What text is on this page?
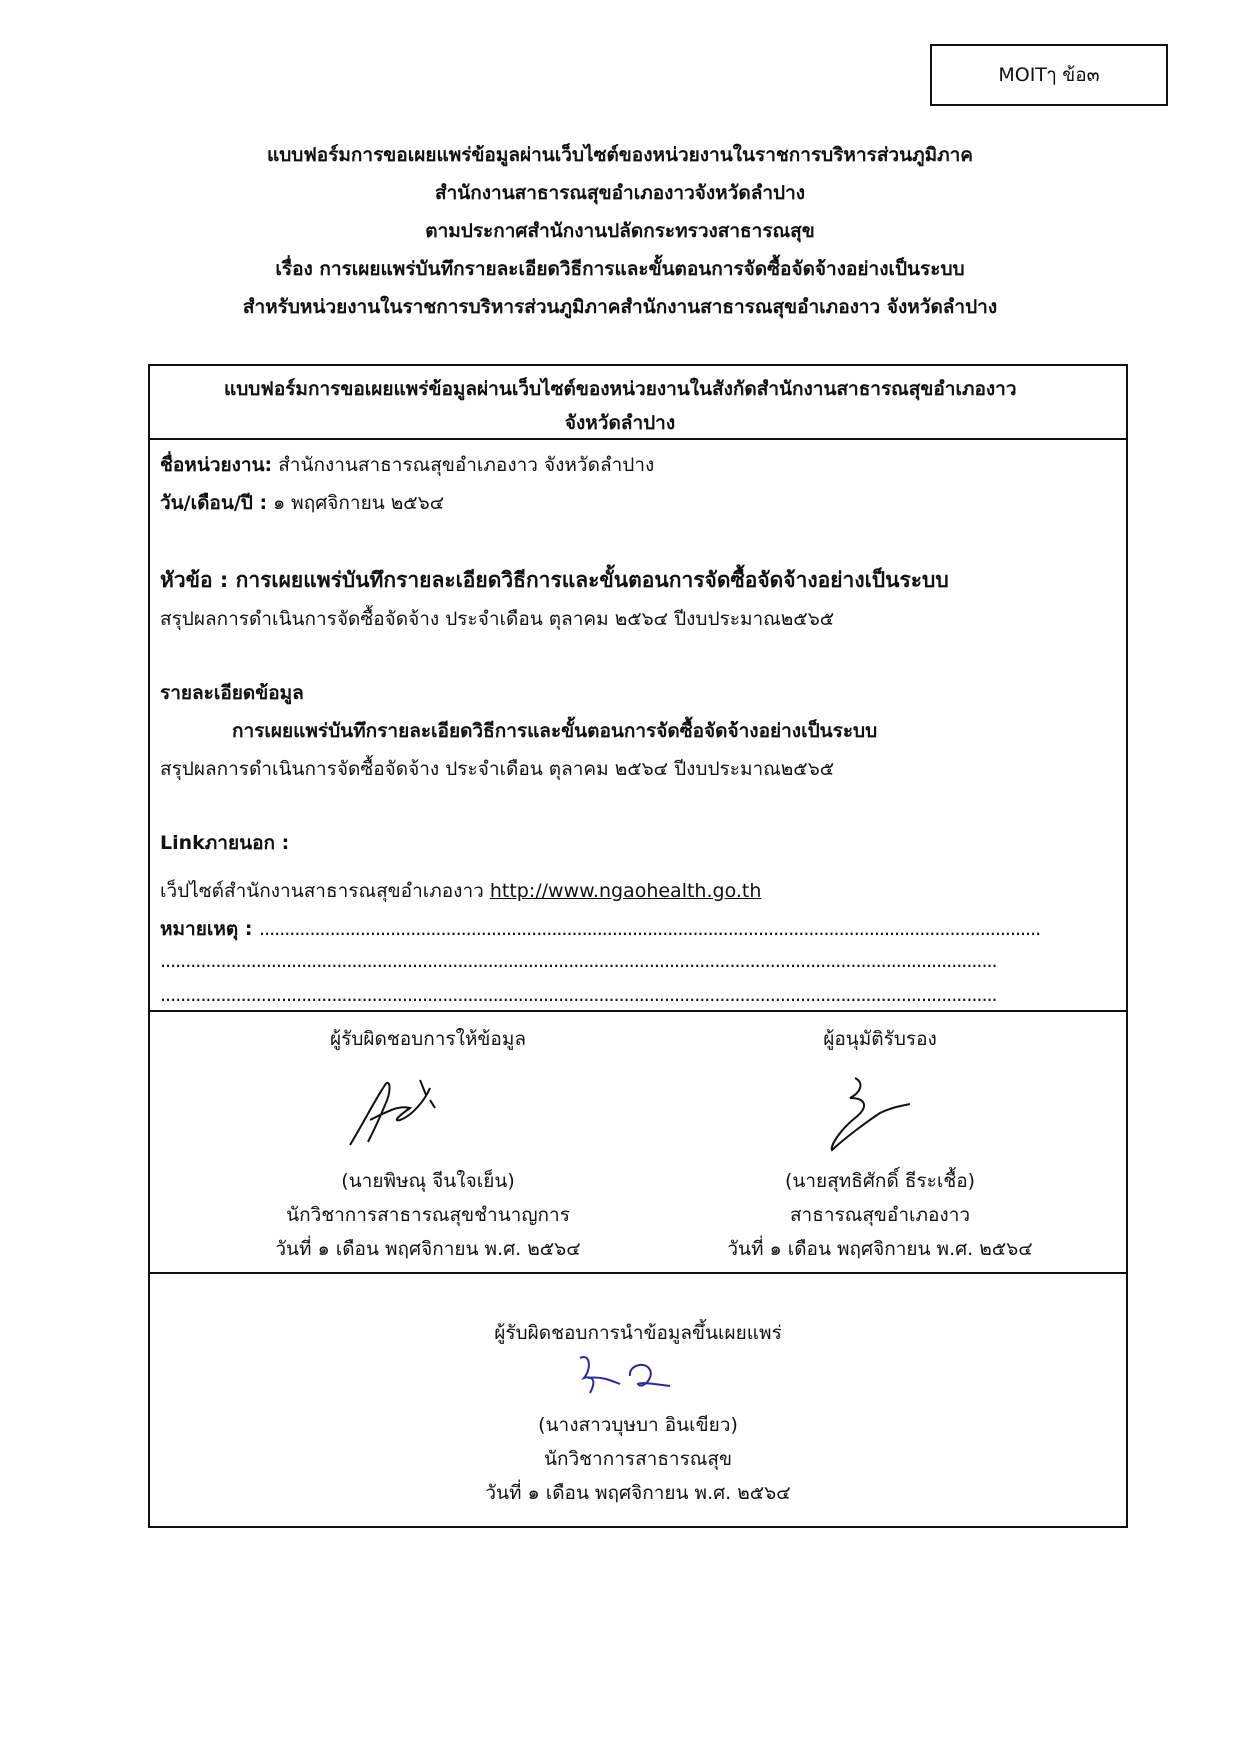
MOITๅ ข้อ๓
แบบฟอร์มการขอเผยแพร่ข้อมูลผ่านเว็บไซต์ของหน่วยงานในราชการบริหารส่วนภูมิภาค
สำนักงานสาธารณสุขอำเภองาวจังหวัดลำปาง
ตามประกาศสำนักงานปลัดกระทรวงสาธารณสุข
เรื่อง การเผยแพร่บันทึกรายละเอียดวิธีการและขั้นตอนการจัดซื้อจัดจ้างอย่างเป็นระบบ
สำหรับหน่วยงานในราชการบริหารส่วนภูมิภาคสำนักงานสาธารณสุขอำเภองาว จังหวัดลำปาง
แบบฟอร์มการขอเผยแพร่ข้อมูลผ่านเว็บไซต์ของหน่วยงานในสังกัดสำนักงานสาธารณสุขอำเภองาว
จังหวัดลำปาง
ชื่อหน่วยงาน: สำนักงานสาธารณสุขอำเภองาว จังหวัดลำปาง
วัน/เดือน/ปี : ๑ พฤศจิกายน ๒๕๖๔
หัวข้อ : การเผยแพร่บันทึกรายละเอียดวิธีการและขั้นตอนการจัดซื้อจัดจ้างอย่างเป็นระบบ
สรุปผลการดำเนินการจัดซื้อจัดจ้าง ประจำเดือน ตุลาคม ๒๕๖๔ ปีงบประมาณ๒๕๖๕
รายละเอียดข้อมูล
การเผยแพร่บันทึกรายละเอียดวิธีการและขั้นตอนการจัดซื้อจัดจ้างอย่างเป็นระบบ
สรุปผลการดำเนินการจัดซื้อจัดจ้าง ประจำเดือน ตุลาคม ๒๕๖๔ ปีงบประมาณ๒๕๖๕
Linkภายนอก :
เว็ปไซต์สำนักงานสาธารณสุขอำเภองาว http://www.ngaohealth.go.th
หมายเหตุ : ...........................................................................................................................................................
......................................................................................................................................................................
......................................................................................................................................................................
ผู้รับผิดชอบการให้ข้อมูล
(นายพิษณุ จีนใจเย็น)
นักวิชาการสาธารณสุขชำนาญการ
วันที่ ๑ เดือน พฤศจิกายน พ.ศ. ๒๕๖๔
ผู้อนุมัติรับรอง
(นายสุทธิศักดิ์ ธีระเชื้อ)
สาธารณสุขอำเภองาว
วันที่ ๑ เดือน พฤศจิกายน พ.ศ. ๒๕๖๔
ผู้รับผิดชอบการนำข้อมูลขึ้นเผยแพร่
(นางสาวบุษบา อินเขียว)
นักวิชาการสาธารณสุข
วันที่ ๑ เดือน พฤศจิกายน พ.ศ. ๒๕๖๔
